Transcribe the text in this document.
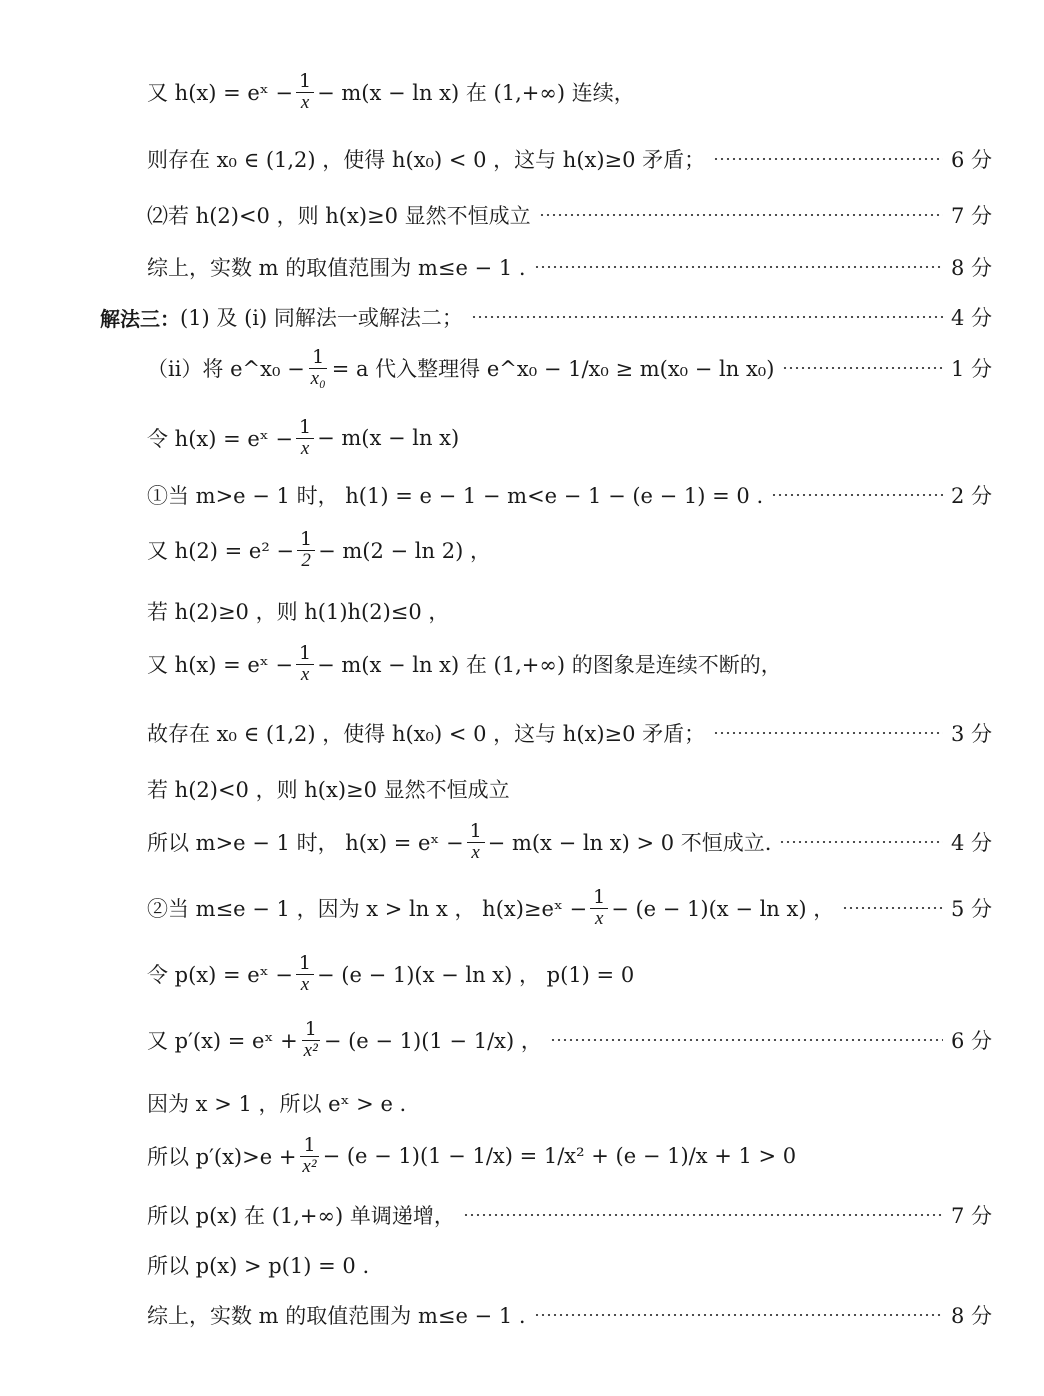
又 h(x) = eˣ − $\frac{1}{x} - m(x - \ln x)$ 在 (1,+∞) 连续，
则存在 x₀ ∈ (1,2) ，使得 h(x₀) < 0 ，这与 h(x)≥0 矛盾；	6 分
⑵若 h(2)<0 ，则 h(x)≥0 显然不恒成立	7 分
综上，实数 m 的取值范围为 m≤e − 1 .	8 分
解法三： (1) 及 (i) 同解法一或解法二；	4 分
（ii）将 e^x₀ − $\frac{1}{\text{x₀}} = a$ 代入整理得 e^x₀ − 1/x₀ ≥ m(x₀ − ln x₀)	1 分
令 h(x) = eˣ − $\frac{1}{x} - m(x - \ln x)$
①当 m>e − 1 时， h(1) = e − 1 − m<e − 1 − (e − 1) = 0 .	2 分
又 $h(2) = e^2 - \frac{1}{2} - m(2 - \ln 2)$ ，
若 h(2)≥0 ，则 h(1)h(2)≤0 ，
又 h(x) = eˣ − $\frac{1}{x} - m(x - \ln x)$ 在 (1,+∞) 的图象是连续不断的，
故存在 x₀ ∈ (1,2) ，使得 h(x₀) < 0 ，这与 h(x)≥0 矛盾；	3 分
若 h(2)<0 ，则 h(x)≥0 显然不恒成立
所以 m>e − 1 时， h(x) = eˣ − $\frac{1}{x} - m(x - \ln x) > 0$ 不恒成立.	4 分
②当 m≤e − 1 ，因为 x > ln x ， h(x)≥eˣ − $\frac{1}{x} - (e - 1)(x - \ln x)$ ，	5 分
令 p(x) = eˣ − $\frac{1}{x} - (e - 1)(x - \ln x)$ ， p(1) = 0
又 p′(x) = eˣ + $\frac{1}{\text{x²}} - (e - 1)(1 - 1/x)$ ，	6 分
因为 x > 1 ，所以 eˣ > e .
所以 $p'(x)>e + \frac{1}{\text{x²}} - (e - 1)(1 - 1/x) = 1/x^2 + (e - 1)/x + 1 > 0$
所以 p(x) 在 (1,+∞) 单调递增，	7 分
所以 p(x) > p(1) = 0 .
综上，实数 m 的取值范围为 m≤e − 1 .	8 分
